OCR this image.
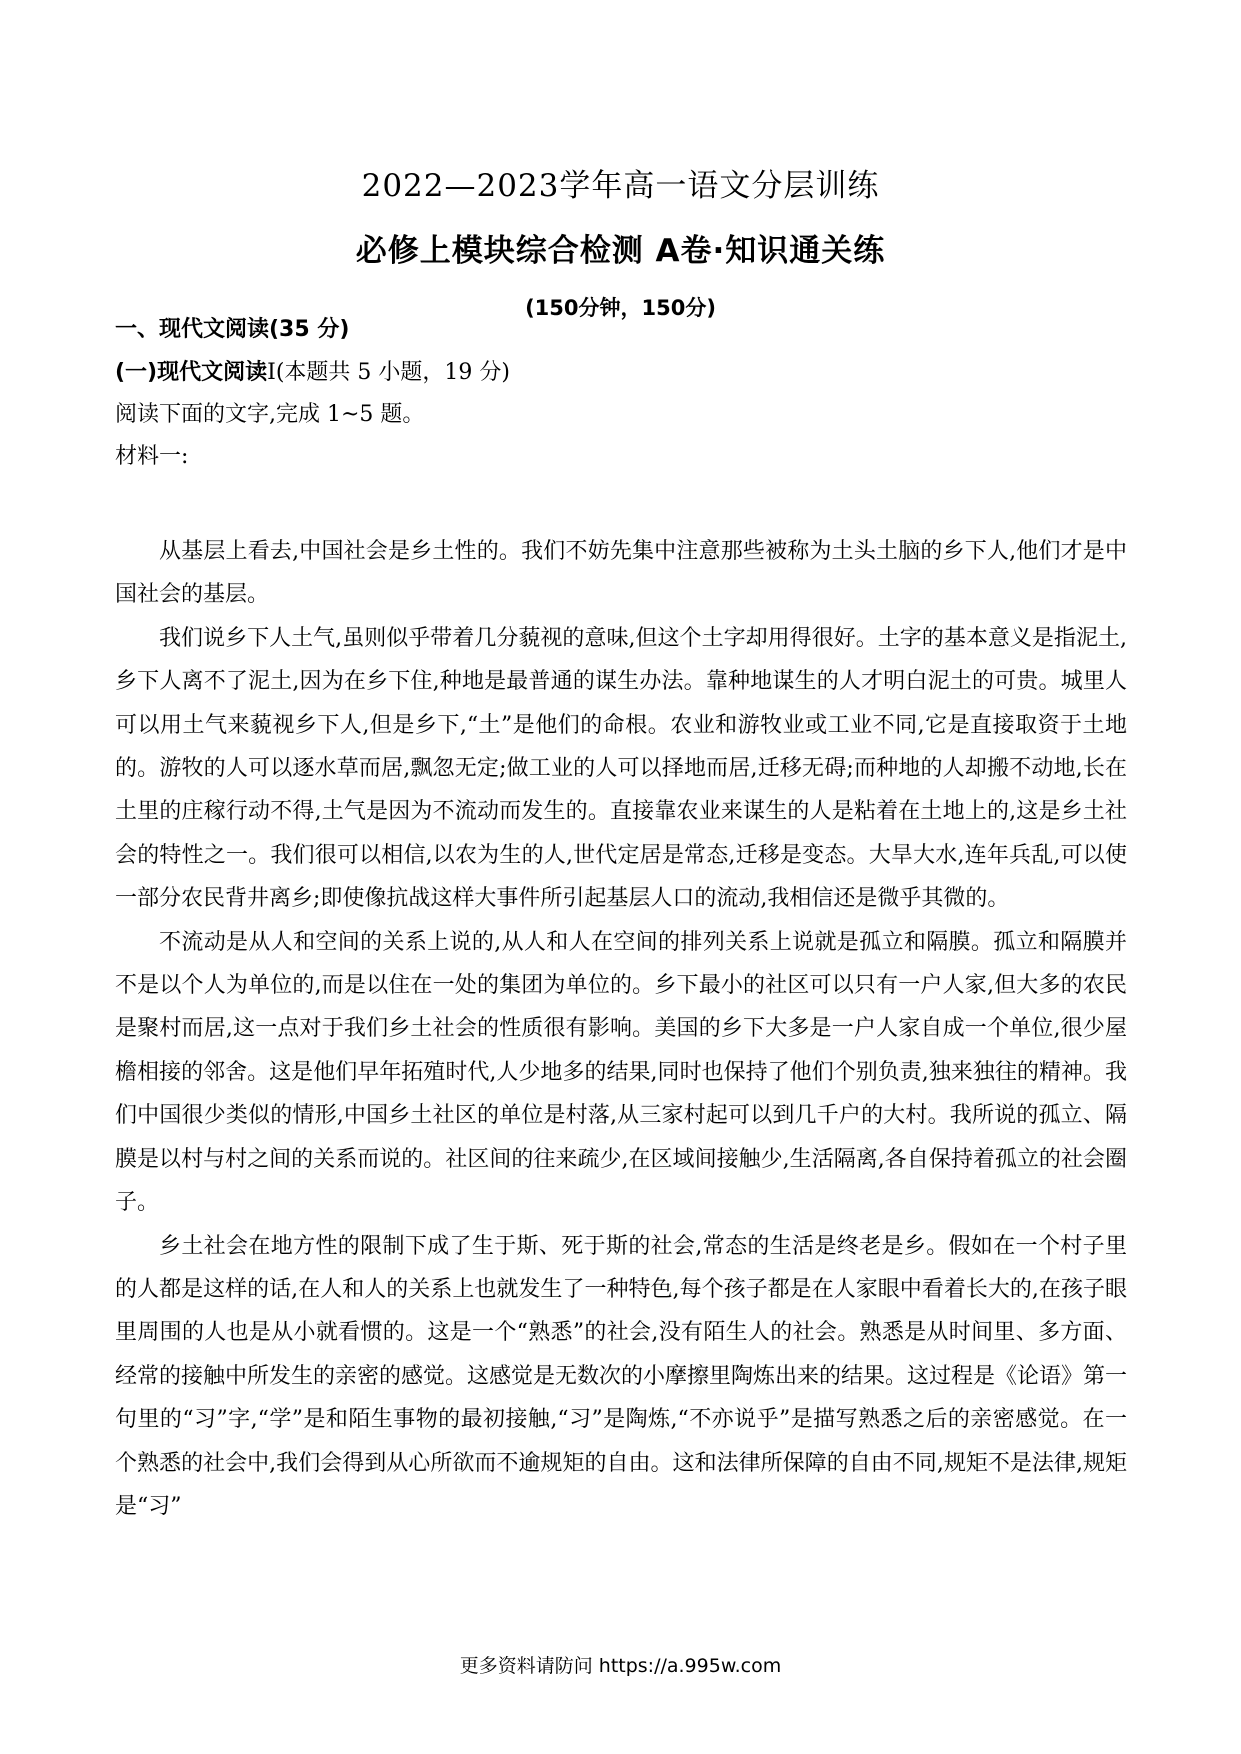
2022—2023学年高一语文分层训练
必修上模块综合检测 A卷·知识通关练
(150分钟，150分)
一、现代文阅读(35 分)
(一)现代文阅读Ⅰ(本题共 5 小题，19 分)
阅读下面的文字,完成 1~5 题。
材料一:

从基层上看去,中国社会是乡土性的。我们不妨先集中注意那些被称为土头土脑的乡下人,他们才是中国社会的基层。

我们说乡下人土气,虽则似乎带着几分藐视的意味,但这个土字却用得很好。土字的基本意义是指泥土,乡下人离不了泥土,因为在乡下住,种地是最普通的谋生办法。靠种地谋生的人才明白泥土的可贵。城里人可以用土气来藐视乡下人,但是乡下,“土”是他们的命根。农业和游牧业或工业不同,它是直接取资于土地的。游牧的人可以逐水草而居,飘忽无定;做工业的人可以择地而居,迁移无碍;而种地的人却搬不动地,长在土里的庄稼行动不得,土气是因为不流动而发生的。直接靠农业来谋生的人是粘着在土地上的,这是乡土社会的特性之一。我们很可以相信,以农为生的人,世代定居是常态,迁移是变态。大旱大水,连年兵乱,可以使一部分农民背井离乡;即使像抗战这样大事件所引起基层人口的流动,我相信还是微乎其微的。

不流动是从人和空间的关系上说的,从人和人在空间的排列关系上说就是孤立和隔膜。孤立和隔膜并不是以个人为单位的,而是以住在一处的集团为单位的。乡下最小的社区可以只有一户人家,但大多的农民是聚村而居,这一点对于我们乡土社会的性质很有影响。美国的乡下大多是一户人家自成一个单位,很少屋檐相接的邻舍。这是他们早年拓殖时代,人少地多的结果,同时也保持了他们个别负责,独来独往的精神。我们中国很少类似的情形,中国乡土社区的单位是村落,从三家村起可以到几千户的大村。我所说的孤立、隔膜是以村与村之间的关系而说的。社区间的往来疏少,在区域间接触少,生活隔离,各自保持着孤立的社会圈子。

乡土社会在地方性的限制下成了生于斯、死于斯的社会,常态的生活是终老是乡。假如在一个村子里的人都是这样的话,在人和人的关系上也就发生了一种特色,每个孩子都是在人家眼中看着长大的,在孩子眼里周围的人也是从小就看惯的。这是一个“熟悉”的社会,没有陌生人的社会。熟悉是从时间里、多方面、经常的接触中所发生的亲密的感觉。这感觉是无数次的小摩擦里陶炼出来的结果。这过程是《论语》第一句里的“习”字,“学”是和陌生事物的最初接触,“习”是陶炼,“不亦说乎”是描写熟悉之后的亲密感觉。在一个熟悉的社会中,我们会得到从心所欲而不逾规矩的自由。这和法律所保障的自由不同,规矩不是法律,规矩是“习”

更多资料请防问 https://a.995w.com
